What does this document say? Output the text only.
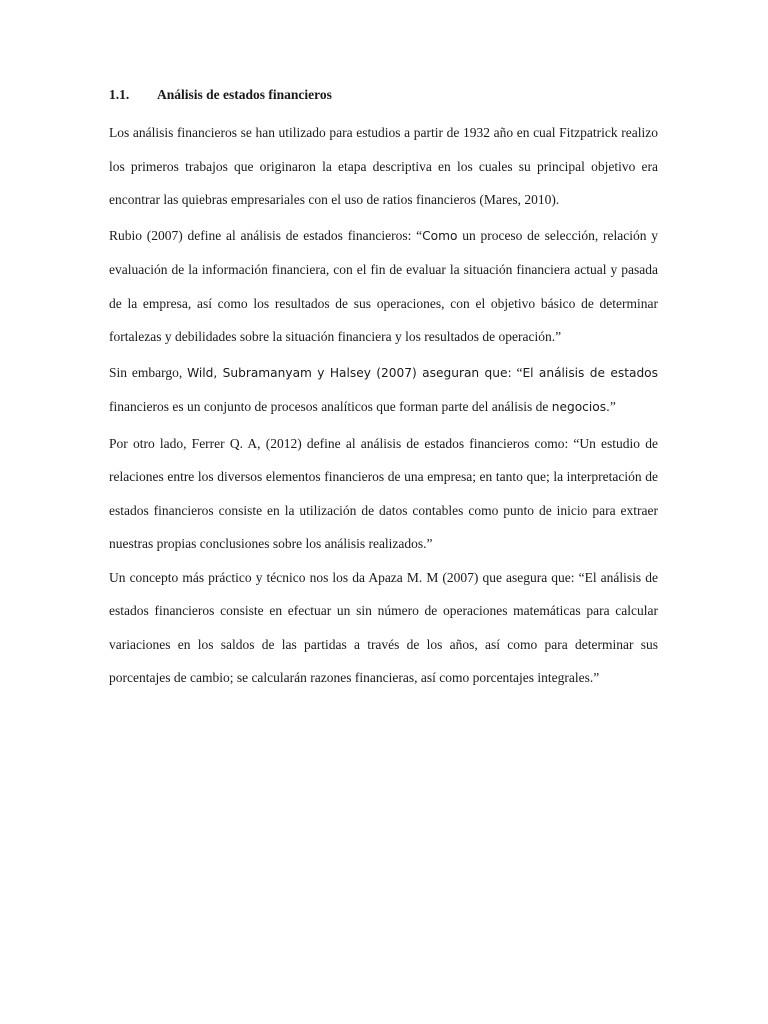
1.1. Análisis de estados financieros

Los análisis financieros se han utilizado para estudios a partir de 1932 año en cual Fitzpatrick realizo los primeros trabajos que originaron la etapa descriptiva en los cuales su principal objetivo era encontrar las quiebras empresariales con el uso de ratios financieros (Mares, 2010).

Rubio (2007) define al análisis de estados financieros: “Como un proceso de selección, relación y evaluación de la información financiera, con el fin de evaluar la situación financiera actual y pasada de la empresa, así como los resultados de sus operaciones, con el objetivo básico de determinar fortalezas y debilidades sobre la situación financiera y los resultados de operación.”

Sin embargo, Wild, Subramanyam y Halsey (2007) aseguran que: “El análisis de estados financieros es un conjunto de procesos analíticos que forman parte del análisis de negocios.”

Por otro lado, Ferrer Q. A, (2012) define al análisis de estados financieros como: “Un estudio de relaciones entre los diversos elementos financieros de una empresa; en tanto que; la interpretación de estados financieros consiste en la utilización de datos contables como punto de inicio para extraer nuestras propias conclusiones sobre los análisis realizados.”

Un concepto más práctico y técnico nos los da Apaza M. M (2007) que asegura que: “El análisis de estados financieros consiste en efectuar un sin número de operaciones matemáticas para calcular variaciones en los saldos de las partidas a través de los años, así como para determinar sus porcentajes de cambio; se calcularán razones financieras, así como porcentajes integrales.”
